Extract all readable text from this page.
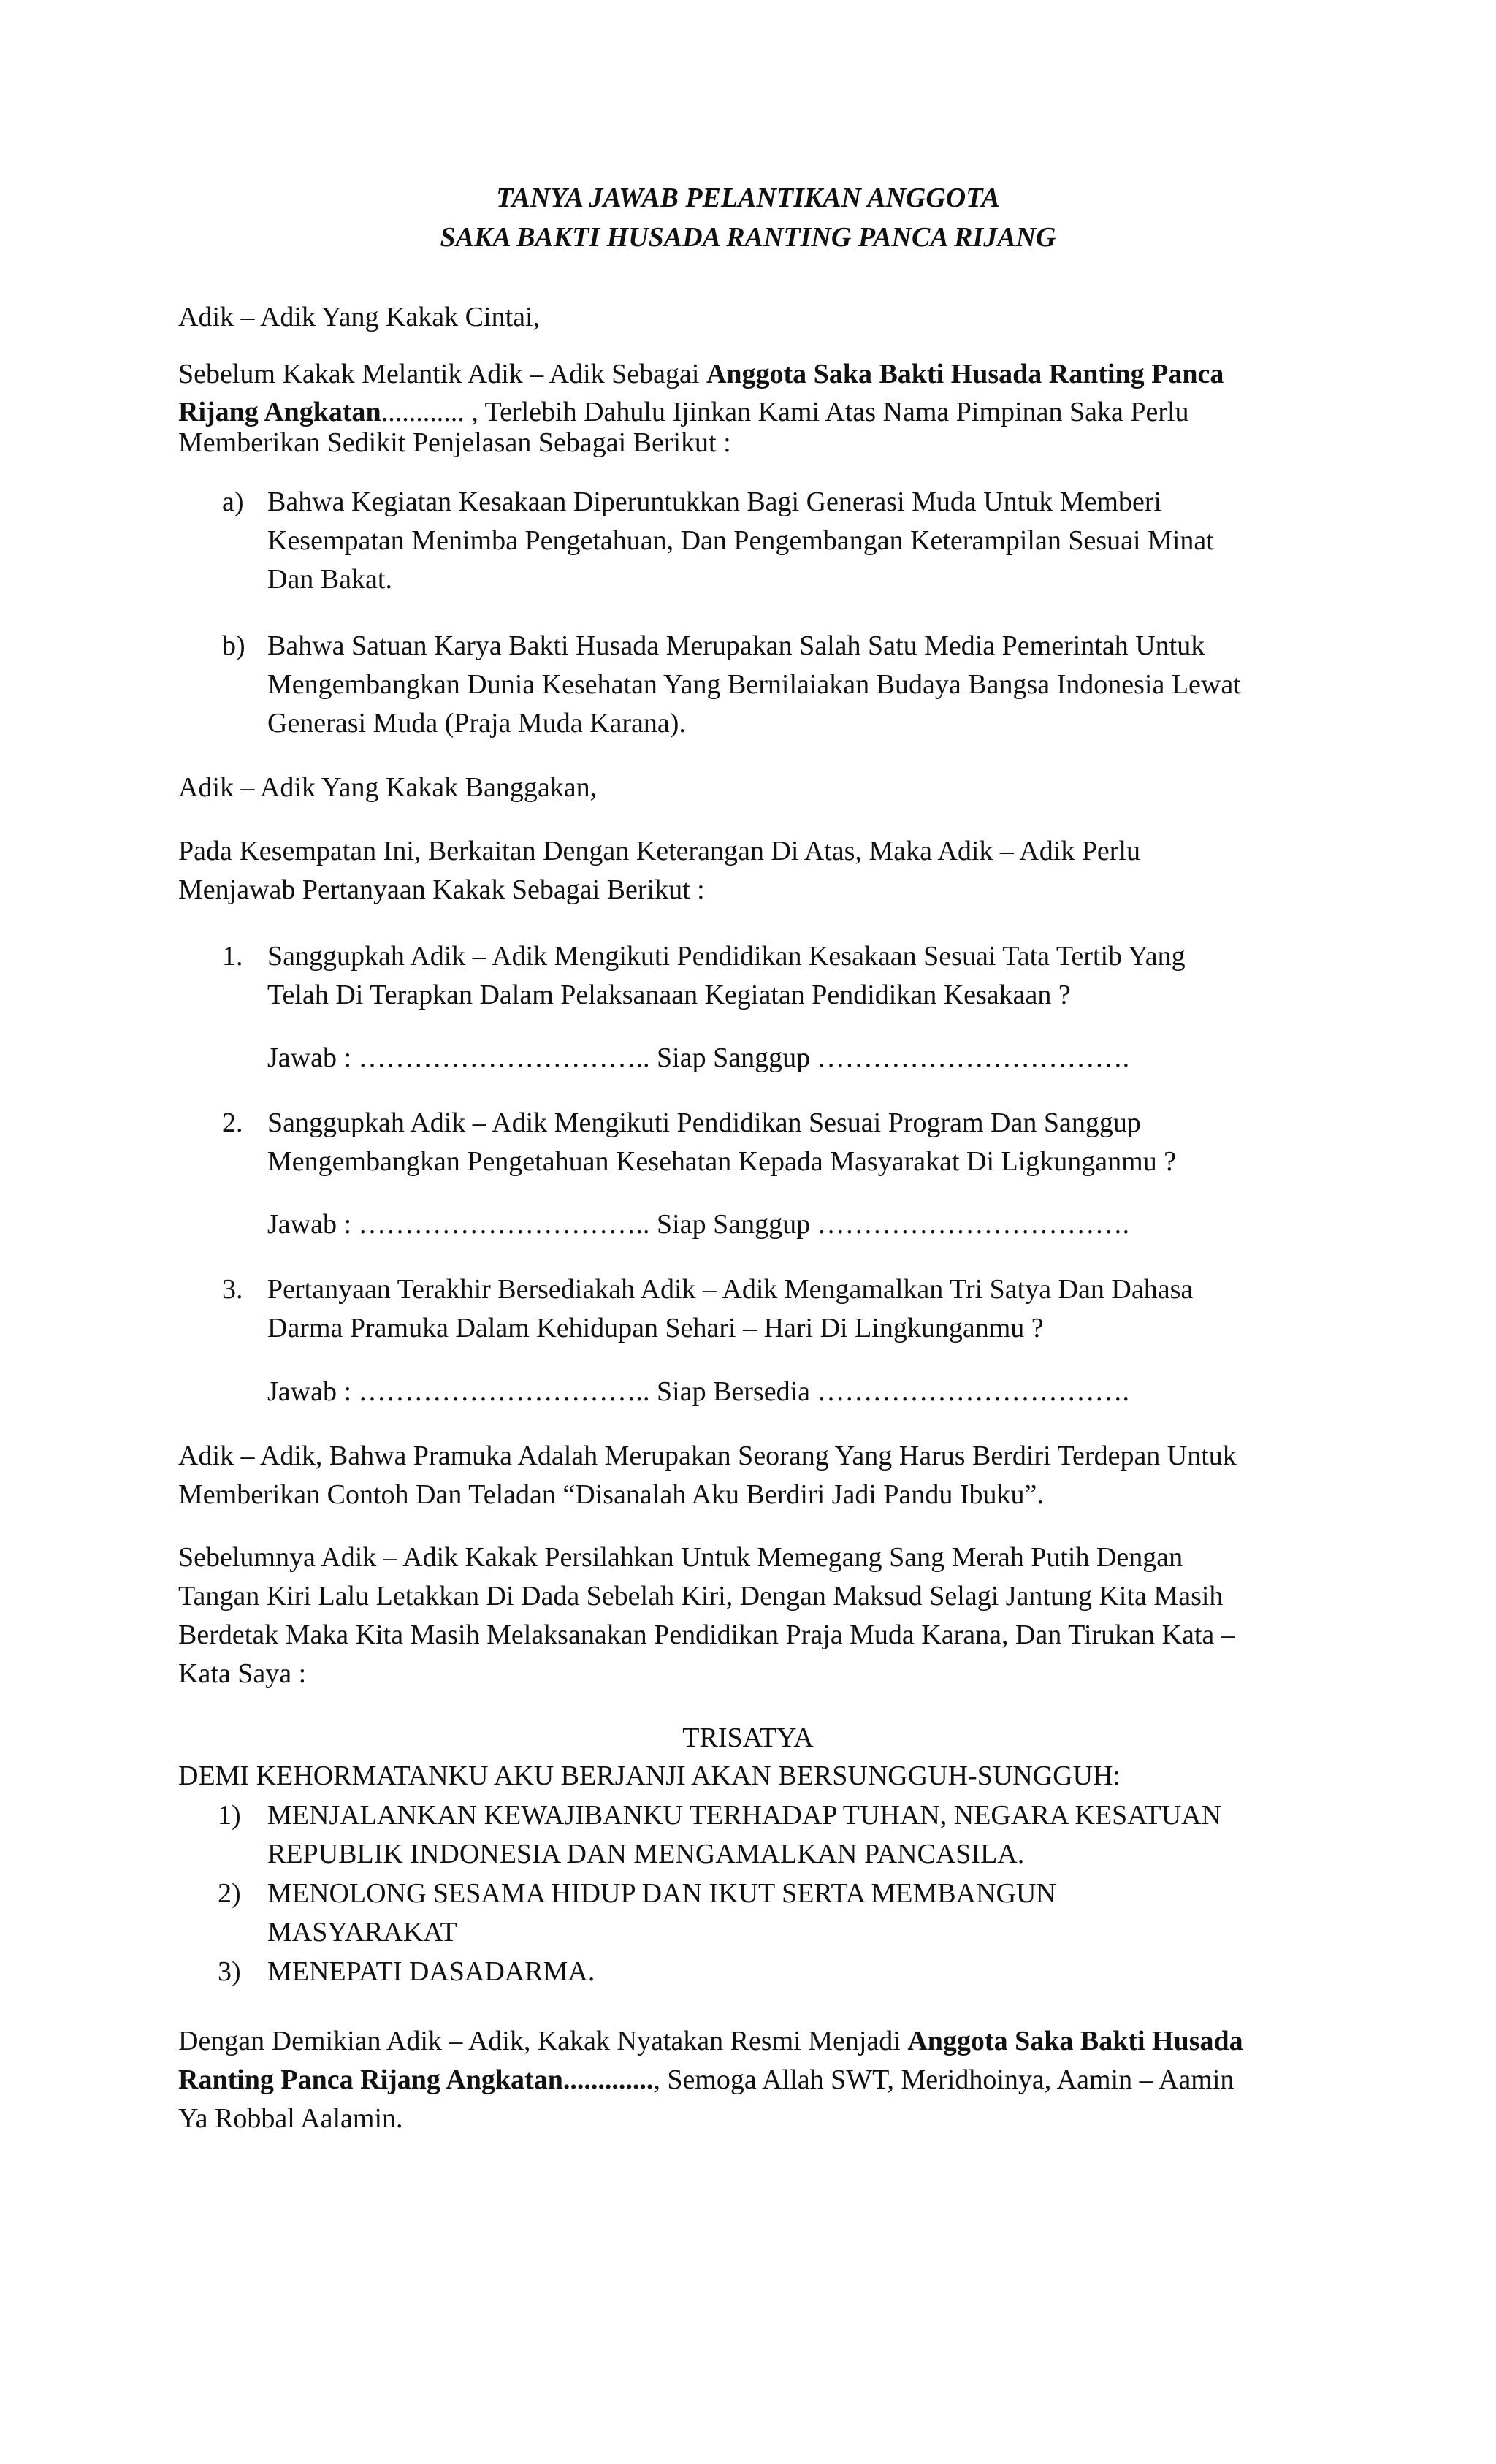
TANYA JAWAB PELANTIKAN ANGGOTA
SAKA BAKTI HUSADA RANTING PANCA RIJANG
Adik – Adik Yang Kakak Cintai,
Sebelum Kakak Melantik Adik – Adik Sebagai Anggota Saka Bakti Husada Ranting Panca
Rijang Angkatan............ , Terlebih Dahulu Ijinkan Kami Atas Nama Pimpinan Saka Perlu
Memberikan Sedikit Penjelasan Sebagai Berikut :
a) Bahwa Kegiatan Kesakaan Diperuntukkan Bagi Generasi Muda Untuk Memberi
Kesempatan Menimba Pengetahuan, Dan Pengembangan Keterampilan Sesuai Minat
Dan Bakat.
b) Bahwa Satuan Karya Bakti Husada Merupakan Salah Satu Media Pemerintah Untuk
Mengembangkan Dunia Kesehatan Yang Bernilaiakan Budaya Bangsa Indonesia Lewat
Generasi Muda (Praja Muda Karana).
Adik – Adik Yang Kakak Banggakan,
Pada Kesempatan Ini, Berkaitan Dengan Keterangan Di Atas, Maka Adik – Adik Perlu
Menjawab Pertanyaan Kakak Sebagai Berikut :
1. Sanggupkah Adik – Adik Mengikuti Pendidikan Kesakaan Sesuai Tata Tertib Yang
Telah Di Terapkan Dalam Pelaksanaan Kegiatan Pendidikan Kesakaan ?
Jawab : ………………………….. Siap Sanggup …………………………….
2. Sanggupkah Adik – Adik Mengikuti Pendidikan Sesuai Program Dan Sanggup
Mengembangkan Pengetahuan Kesehatan Kepada Masyarakat Di Ligkunganmu ?
Jawab : ………………………….. Siap Sanggup …………………………….
3. Pertanyaan Terakhir Bersediakah Adik – Adik Mengamalkan Tri Satya Dan Dahasa
Darma Pramuka Dalam Kehidupan Sehari – Hari Di Lingkunganmu ?
Jawab : ………………………….. Siap Bersedia …………………………….
Adik – Adik, Bahwa Pramuka Adalah Merupakan Seorang Yang Harus Berdiri Terdepan Untuk
Memberikan Contoh Dan Teladan “Disanalah Aku Berdiri Jadi Pandu Ibuku”.
Sebelumnya Adik – Adik Kakak Persilahkan Untuk Memegang Sang Merah Putih Dengan
Tangan Kiri Lalu Letakkan Di Dada Sebelah Kiri, Dengan Maksud Selagi Jantung Kita Masih
Berdetak Maka Kita Masih Melaksanakan Pendidikan Praja Muda Karana, Dan Tirukan Kata –
Kata Saya :
TRISATYA
DEMI KEHORMATANKU AKU BERJANJI AKAN BERSUNGGUH-SUNGGUH:
1) MENJALANKAN KEWAJIBANKU TERHADAP TUHAN, NEGARA KESATUAN
REPUBLIK INDONESIA DAN MENGAMALKAN PANCASILA.
2) MENOLONG SESAMA HIDUP DAN IKUT SERTA MEMBANGUN
MASYARAKAT
3) MENEPATI DASADARMA.
Dengan Demikian Adik – Adik, Kakak Nyatakan Resmi Menjadi Anggota Saka Bakti Husada
Ranting Panca Rijang Angkatan............., Semoga Allah SWT, Meridhoinya, Aamin – Aamin
Ya Robbal Aalamin.
